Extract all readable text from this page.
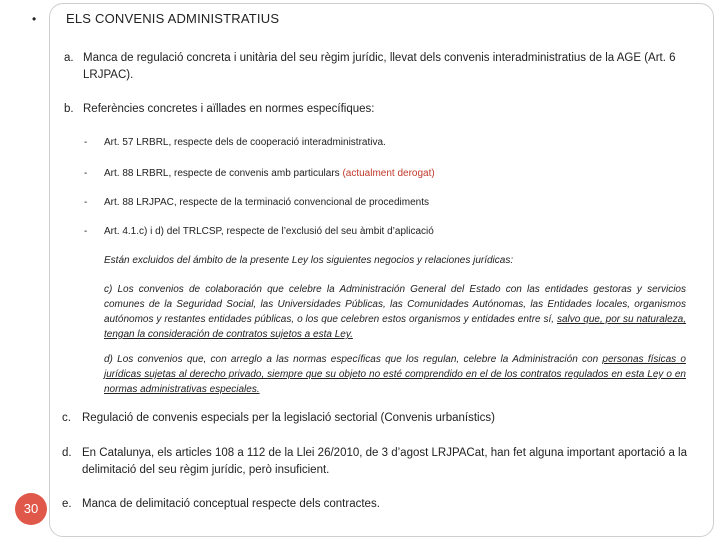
• ELS CONVENIS ADMINISTRATIUS
a. Manca de regulació concreta i unitària del seu règim jurídic, llevat dels convenis interadministratius de la AGE (Art. 6 LRJPAC).
b. Referències concretes i aïllades en normes específiques:
- Art. 57 LRBRL, respecte dels de cooperació interadministrativa.
- Art. 88 LRBRL, respecte de convenis amb particulars (actualment derogat)
- Art. 88 LRJPAC, respecte de la terminació convencional de procediments
- Art. 4.1.c) i d) del TRLCSP, respecte de l’exclusió del seu àmbit d’aplicació
Están excluidos del ámbito de la presente Ley los siguientes negocios y relaciones jurídicas:
c) Los convenios de colaboración que celebre la Administración General del Estado con las entidades gestoras y servicios comunes de la Seguridad Social, las Universidades Públicas, las Comunidades Autónomas, las Entidades locales, organismos autónomos y restantes entidades públicas, o los que celebren estos organismos y entidades entre sí, salvo que, por su naturaleza, tengan la consideración de contratos sujetos a esta Ley.
d) Los convenios que, con arreglo a las normas específicas que los regulan, celebre la Administración con personas físicas o jurídicas sujetas al derecho privado, siempre que su objeto no esté comprendido en el de los contratos regulados en esta Ley o en normas administrativas especiales.
c. Regulació de convenis especials per la legislació sectorial (Convenis urbanístics)
d. En Catalunya, els articles 108 a 112 de la Llei 26/2010, de 3 d’agost LRJPACat, han fet alguna important aportació a la delimitació del seu règim jurídic, però insuficient.
e. Manca de delimitació conceptual respecte dels contractes.
30
